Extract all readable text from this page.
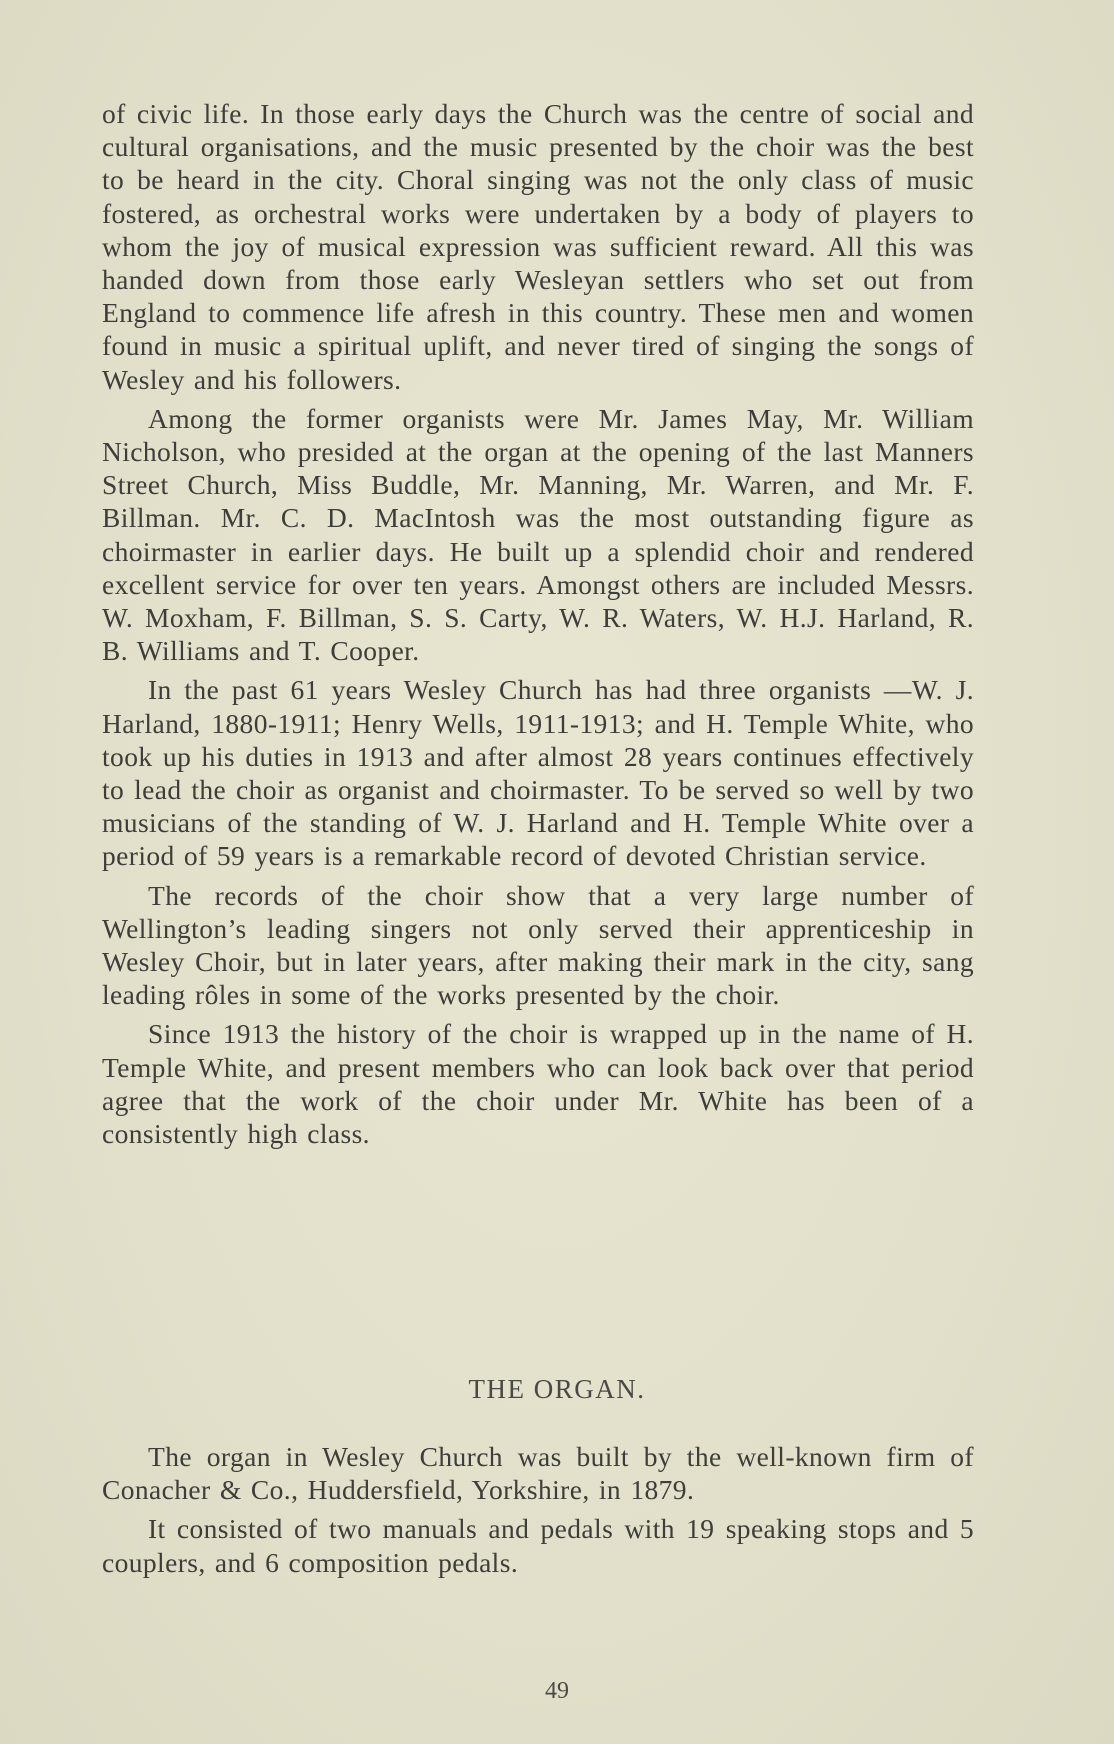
of civic life. In those early days the Church was the centre of social and cultural organisations, and the music presented by the choir was the best to be heard in the city. Choral singing was not the only class of music fostered, as orchestral works were undertaken by a body of players to whom the joy of musical expression was sufficient reward. All this was handed down from those early Wesleyan settlers who set out from England to commence life afresh in this country. These men and women found in music a spiritual uplift, and never tired of singing the songs of Wesley and his followers.

Among the former organists were Mr. James May, Mr. William Nicholson, who presided at the organ at the opening of the last Manners Street Church, Miss Buddle, Mr. Manning, Mr. Warren, and Mr. F. Billman. Mr. C. D. MacIntosh was the most outstanding figure as choirmaster in earlier days. He built up a splendid choir and rendered excellent service for over ten years. Amongst others are included Messrs. W. Moxham, F. Billman, S. S. Carty, W. R. Waters, W. H.J. Harland, R. B. Williams and T. Cooper.

In the past 61 years Wesley Church has had three organists —W. J. Harland, 1880-1911; Henry Wells, 1911-1913; and H. Temple White, who took up his duties in 1913 and after almost 28 years continues effectively to lead the choir as organist and choirmaster. To be served so well by two musicians of the standing of W. J. Harland and H. Temple White over a period of 59 years is a remarkable record of devoted Christian service.

The records of the choir show that a very large number of Wellington’s leading singers not only served their apprenticeship in Wesley Choir, but in later years, after making their mark in the city, sang leading rôles in some of the works presented by the choir.

Since 1913 the history of the choir is wrapped up in the name of H. Temple White, and present members who can look back over that period agree that the work of the choir under Mr. White has been of a consistently high class.

THE ORGAN.

The organ in Wesley Church was built by the well-known firm of Conacher & Co., Huddersfield, Yorkshire, in 1879.

It consisted of two manuals and pedals with 19 speaking stops and 5 couplers, and 6 composition pedals.

49
